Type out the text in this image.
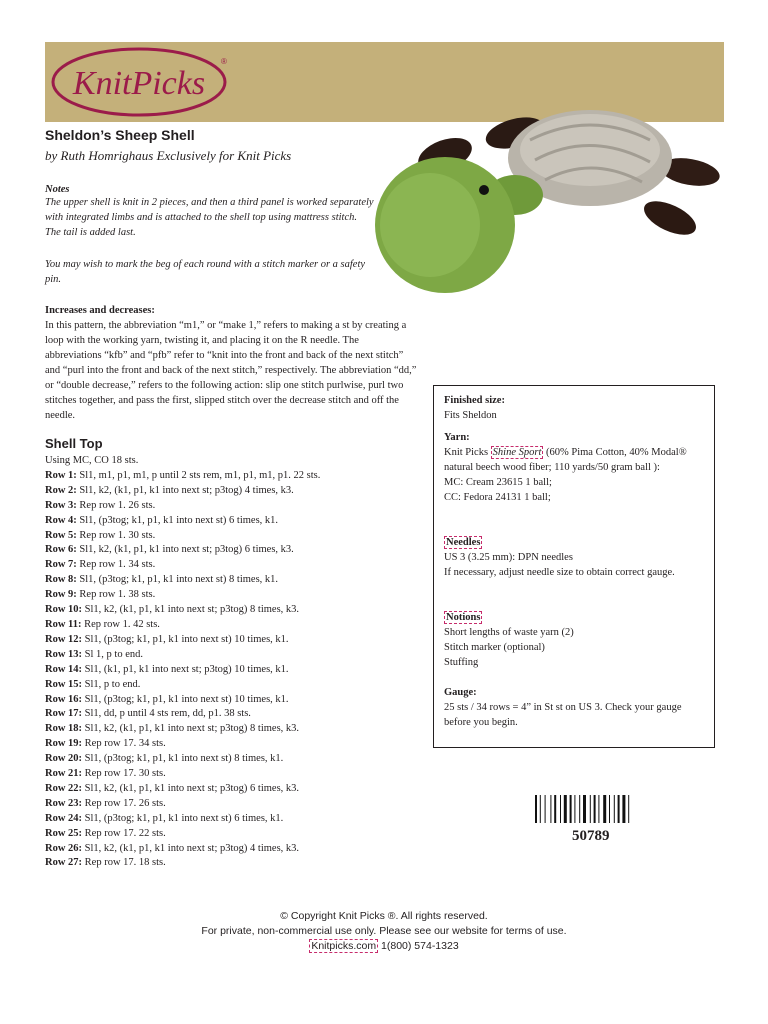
KnitPicks
®
Sheldon’s Sheep Shell
by Ruth Homrighaus Exclusively for Knit Picks
Notes
The upper shell is knit in 2 pieces, and then a third panel is worked separately with integrated limbs and is attached to the shell top using mattress stitch. The tail is added last.
You may wish to mark the beg of each round with a stitch marker or a safety pin.
Increases and decreases:
In this pattern, the abbreviation “m1,” or “make 1,” refers to making a st by creating a loop with the working yarn, twisting it, and placing it on the R needle. The abbreviations “kfb” and “pfb” refer to “knit into the front and back of the next stitch” and “purl into the front and back of the next stitch,” respectively. The abbreviation “dd,” or “double decrease,” refers to the following action: slip one stitch purlwise, purl two stitches together, and pass the first, slipped stitch over the decrease stitch and off the needle.
Shell Top
Using MC, CO 18 sts.
Row 1: Sl1, m1, p1, m1, p until 2 sts rem, m1, p1, m1, p1. 22 sts.
Row 2: Sl1, k2, (k1, p1, k1 into next st; p3tog) 4 times, k3.
Row 3: Rep row 1. 26 sts.
Row 4: Sl1, (p3tog; k1, p1, k1 into next st) 6 times, k1.
Row 5: Rep row 1. 30 sts.
Row 6: Sl1, k2, (k1, p1, k1 into next st; p3tog) 6 times, k3.
Row 7: Rep row 1. 34 sts.
Row 8: Sl1, (p3tog; k1, p1, k1 into next st) 8 times, k1.
Row 9: Rep row 1. 38 sts.
Row 10: Sl1, k2, (k1, p1, k1 into next st; p3tog) 8 times, k3.
Row 11: Rep row 1. 42 sts.
Row 12: Sl1, (p3tog; k1, p1, k1 into next st) 10 times, k1.
Row 13: Sl 1, p to end.
Row 14: Sl1, (k1, p1, k1 into next st; p3tog) 10 times, k1.
Row 15: Sl1, p to end.
Row 16: Sl1, (p3tog; k1, p1, k1 into next st) 10 times, k1.
Row 17: Sl1, dd, p until 4 sts rem, dd, p1. 38 sts.
Row 18: Sl1, k2, (k1, p1, k1 into next st; p3tog) 8 times, k3.
Row 19: Rep row 17. 34 sts.
Row 20: Sl1, (p3tog; k1, p1, k1 into next st) 8 times, k1.
Row 21: Rep row 17. 30 sts.
Row 22: Sl1, k2, (k1, p1, k1 into next st; p3tog) 6 times, k3.
Row 23: Rep row 17. 26 sts.
Row 24: Sl1, (p3tog; k1, p1, k1 into next st) 6 times, k1.
Row 25: Rep row 17. 22 sts.
Row 26: Sl1, k2, (k1, p1, k1 into next st; p3tog) 4 times, k3.
Row 27: Rep row 17. 18 sts.
Finished size:
Fits Sheldon
Yarn:
Knit Picks Shine Sport (60% Pima Cotton, 40% Modal® natural beech wood fiber; 110 yards/50 gram ball ):
MC: Cream 23615 1 ball;
CC: Fedora 24131 1 ball;
Needles
US 3 (3.25 mm): DPN needles
If necessary, adjust needle size to obtain correct gauge.
Notions
Short lengths of waste yarn (2)
Stitch marker (optional)
Stuffing
Gauge:
25 sts / 34 rows = 4” in St st on US 3. Check your gauge before you begin.
50789
© Copyright Knit Picks ®. All rights reserved.
For private, non-commercial use only. Please see our website for terms of use.
Knitpicks.com 1(800) 574-1323
